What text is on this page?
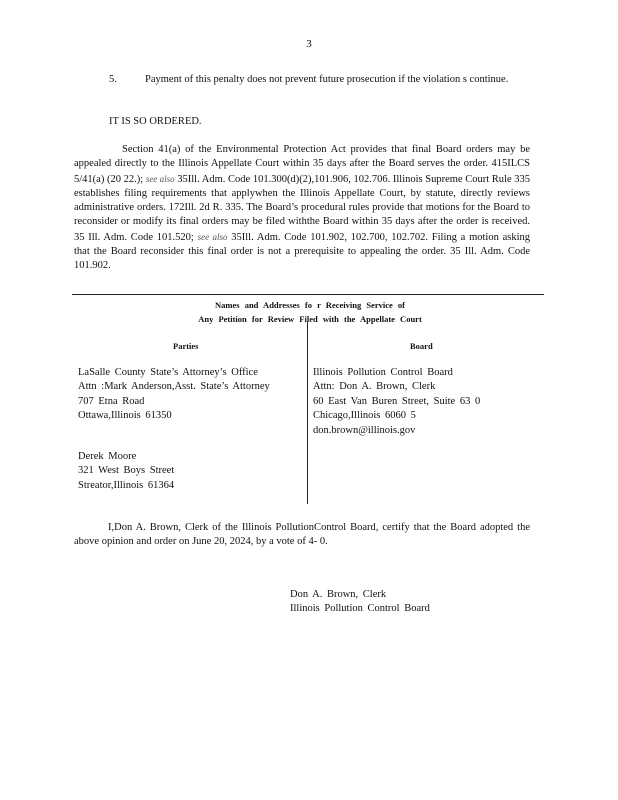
3
5.	Payment of this penalty does not prevent future prosecution if the violation s continue.
IT IS SO ORDERED.
Section 41(a) of the Environmental Protection Act provides that final Board orders may be appealed directly to the Illinois Appellate Court within 35 days after the Board serves the order. 415ILCS 5/41(a) (20 22.); see also 35Ill. Adm. Code 101.300(d)(2),101.906, 102.706. Illinois Supreme Court Rule 335 establishes filing requirements that applywhen the Illinois Appellate Court, by statute, directly reviews administrative orders. 172Ill. 2d R. 335. The Board’s procedural rules provide that motions for the Board to reconsider or modify its final orders may be filed withthe Board within 35 days after the order is received. 35 Ill. Adm. Code 101.520; see also 35Ill. Adm. Code 101.902, 102.700, 102.702. Filing a motion asking that the Board reconsider this final order is not a prerequisite to appealing the order. 35 Ill. Adm. Code 101.902.
Names and Addresses fo r Receiving Service of
Any Petition for Review Filed with the Appellate Court
Parties	Board
LaSalle County State’s Attorney’s Office
Attn :Mark Anderson,Asst. State’s Attorney
707 Etna Road
Ottawa,Illinois 61350
Derek Moore
321 West Boys Street
Streator,Illinois 61364
Illinois Pollution Control Board
Attn: Don A. Brown, Clerk
60 East Van Buren Street, Suite 63 0
Chicago,Illinois 6060 5
don.brown@illinois.gov
I,Don A. Brown, Clerk of the Illinois PollutionControl Board, certify that the Board adopted the above opinion and order on June 20, 2024, by a vote of 4- 0.
Don A. Brown, Clerk
Illinois Pollution Control Board
